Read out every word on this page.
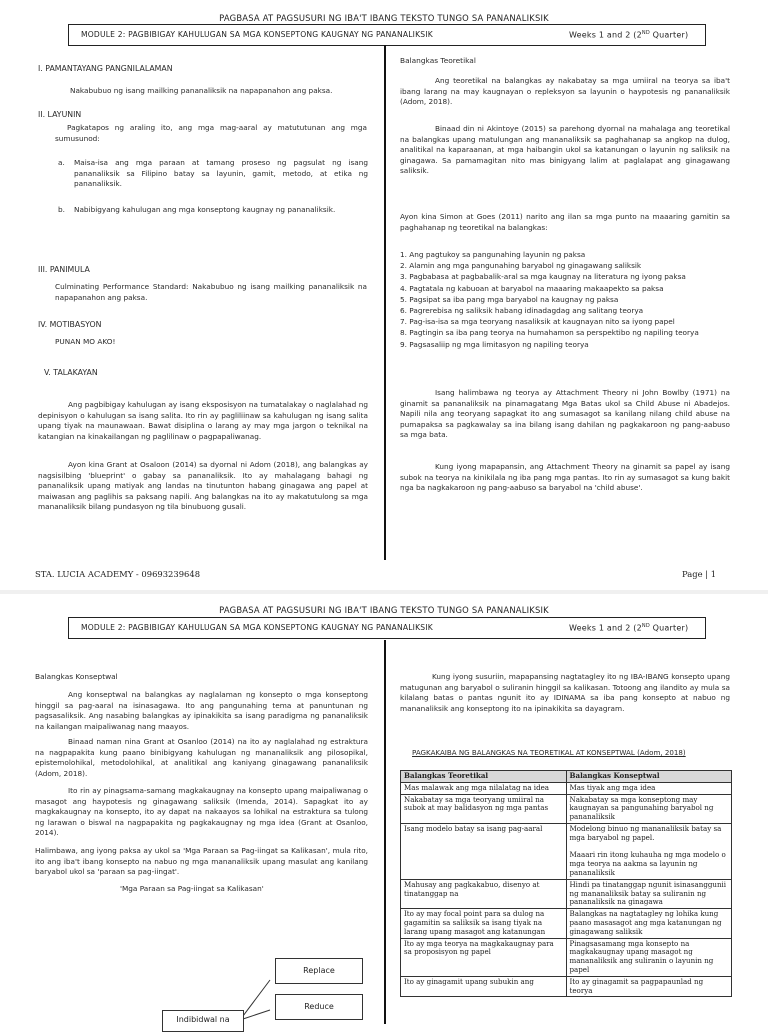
PAGBASA AT PAGSUSURI NG IBA'T IBANG TEKSTO TUNGO SA PANANALIKSIK
MODULE 2: PAGBIBIGAY KAHULUGAN SA MGA KONSEPTONG KAUGNAY NG PANANALIKSIK	Weeks 1 and 2 (2ND Quarter)
I. PAMANTAYANG PANGNILALAMAN
Nakabubuo ng isang mailking pananaliksik na napapanahon ang paksa.
II. LAYUNIN
Pagkatapos ng araling ito, ang mga mag-aaral ay matututunan ang mga sumusunod:
a. Maisa-isa ang mga paraan at tamang proseso ng pagsulat ng isang pananaliksik sa Filipino batay sa layunin, gamit, metodo, at etika ng pananaliksik.
b. Nabibigyang kahulugan ang mga konseptong kaugnay ng pananaliksik.
III. PANIMULA
Culminating Performance Standard: Nakabubuo ng isang mailking pananaliksik na napapanahon ang paksa.
IV. MOTIBASYON
PUNAN MO AKO!
V. TALAKAYAN
Ang pagbibigay kahulugan ay isang eksposisyon na tumatalakay o naglalahad ng depinisyon o kahulugan sa isang salita. Ito rin ay pagliliinaw sa kahulugan ng isang salita upang tiyak na maunawaan. Bawat disiplina o larang ay may mga jargon o teknikal na katangian na kinakailangan ng paglilinaw o pagpapaliwanag.
Ayon kina Grant at Osaloon (2014) sa dyornal ni Adom (2018), ang balangkas ay nagsisilbing 'blueprint' o gabay sa pananaliksik. Ito ay mahalagang bahagi ng pananaliksik upang matiyak ang landas na tinutunton habang ginagawa ang papel at maiwasan ang paglihis sa paksang napili. Ang balangkas na ito ay makatutulong sa mga mananaliksik bilang pundasyon ng tila binubuong gusali.
Balangkas Teoretikal
Ang teoretikal na balangkas ay nakabatay sa mga umiiral na teorya sa iba't ibang larang na may kaugnayan o repleksyon sa layunin o haypotesis ng pananaliksik (Adom, 2018).
Binaad din ni Akintoye (2015) sa parehong dyornal na mahalaga ang teoretikal na balangkas upang matulungan ang mananaliksik sa paghahanap sa angkop na dulog, analitikal na kaparaanan, at mga haibangin ukol sa katanungan o layunin ng saliksik na ginagawa. Sa pamamagitan nito mas binigyang lalim at paglalapat ang ginagawang saliksik.
Ayon kina Simon at Goes (2011) narito ang ilan sa mga punto na maaaring gamitin sa paghahanap ng teoretikal na balangkas:
1. Ang pagtukoy sa pangunahing layunin ng paksa
2. Alamin ang mga pangunahing baryabol ng ginagawang saliksik
3. Pagbabasa at pagbabalik-aral sa mga kaugnay na literatura ng iyong paksa
4. Pagtatala ng kabuoan at baryabol na maaaring makaapekto sa paksa
5. Pagsipat sa iba pang mga baryabol na kaugnay ng paksa
6. Pagrerebisa ng saliksik habang idinadagdag ang salitang teorya
7. Pag-isa-isa sa mga teoryang nasaliksik at kaugnayan nito sa iyong papel
8. Pagtingin sa iba pang teorya na humahamon sa perspektibo ng napiling teorya
9. Pagsasaliip ng mga limitasyon ng napiling teorya
Isang halimbawa ng teorya ay Attachment Theory ni John Bowlby (1971) na ginamit sa pananaliksik na pinamagatang Mga Batas ukol sa Child Abuse ni Abadejos. Napili nila ang teoryang sapagkat ito ang sumasagot sa kanilang nilang child abuse na pumapaksa sa pagkawalay sa ina bilang isang dahilan ng pagkakaroon ng pang-aabuso sa mga bata.
Kung iyong mapapansin, ang Attachment Theory na ginamit sa papel ay isang subok na teorya na kinikilala ng iba pang mga pantas. Ito rin ay sumasagot sa kung bakit nga ba nagkakaroon ng pang-aabuso sa baryabol na 'child abuse'.
STA. LUCIA ACADEMY - 09693239648	Page | 1
PAGBASA AT PAGSUSURI NG IBA'T IBANG TEKSTO TUNGO SA PANANALIKSIK
MODULE 2: PAGBIBIGAY KAHULUGAN SA MGA KONSEPTONG KAUGNAY NG PANANALIKSIK	Weeks 1 and 2 (2ND Quarter)
Balangkas Konseptwal
Ang konseptwal na balangkas ay naglalaman ng konsepto o mga konseptong hinggil sa pag-aaral na isinasagawa. Ito ang pangunahing tema at panuntunan ng pagsasaliksik. Ang nasabing balangkas ay ipinakikita sa isang paradigma ng pananaliksik na kailangan maipaliwanag nang maayos.
Binaad naman nina Grant at Osanloo (2014) na ito ay naglalahad ng estraktura na nagpapakita kung paano binibigyang kahulugan ng mananaliksik ang pilosopikal, epistemolohikal, metodolohikal, at analitikal ang kaniyang ginagawang pananaliksik (Adom, 2018).
Ito rin ay pinagsama-samang magkakaugnay na konsepto upang maipaliwanag o masagot ang haypotesis ng ginagawang saliksik (Imenda, 2014). Sapagkat ito ay magkakaugnay na konsepto, ito ay dapat na nakaayos sa lohikal na estraktura sa tulong ng larawan o biswal na nagpapakita ng pagkakaugnay ng mga idea (Grant at Osanloo, 2014).
Halimbawa, ang iyong paksa ay ukol sa 'Mga Paraan sa Pag-iingat sa Kalikasan', mula rito, ito ang iba't ibang konsepto na nabuo ng mga mananaliksik upang masulat ang kanilang baryabol ukol sa 'paraan sa pag-iingat'.
'Mga Paraan sa Pag-iingat sa Kalikasan'
Replace
Reduce
Indibidwal na
Kung iyong susuriin, mapapansing nagtatagley ito ng IBA-IBANG konsepto upang matugunan ang baryabol o suliranin hinggil sa kalikasan. Totoong ang ilandito ay mula sa kilalang batas o pantas ngunit ito ay IDINAMA sa iba pang konsepto at nabuo ng mananaliksik ang konseptong ito na ipinakikita sa dayagram.
PAGKAKAIBA NG BALANGKAS NA TEORETIKAL AT KONSEPTWAL (Adom, 2018)
Balangkas Teoretikal	Balangkas Konseptwal
Mas malawak ang mga nilalatag na idea	Mas tiyak ang mga idea
Nakabatay sa mga teoryang umiiral na subok at may balidasyon ng mga pantas	Nakabatay sa mga konseptong may kaugnayan sa pangunahing baryabol ng pananaliksik
Isang modelo batay sa isang pag-aaral	Modelong binuo ng mananaliksik batay sa mga baryabol ng papel.

Maaari rin itong kuhauha ng mga modelo o mga teorya na aakma sa layunin ng pananaliksik
Mahusay ang pagkakabuo, disenyo at tinatanggap na	Hindi pa tinatanggap ngunit isinasanggunii ng mananaliksik batay sa suliranin ng pananaliksik na ginagawa
Ito ay may focal point para sa dulog na gagamitin sa saliksik sa isang tiyak na larang upang masagot ang katanungan	Balangkas na nagtatagley ng lohika kung paano masasagot ang mga katanungan ng ginagawang saliksik
Ito ay mga teorya na magkakaugnay para sa proposisyon ng papel	Pinagsasamang mga konsepto na magkakaugnay upang masagot ng mananaliksik ang suliranin o layunin ng papel
Ito ay ginagamit upang subukin ang	Ito ay ginagamit sa pagpapaunlad ng teorya
